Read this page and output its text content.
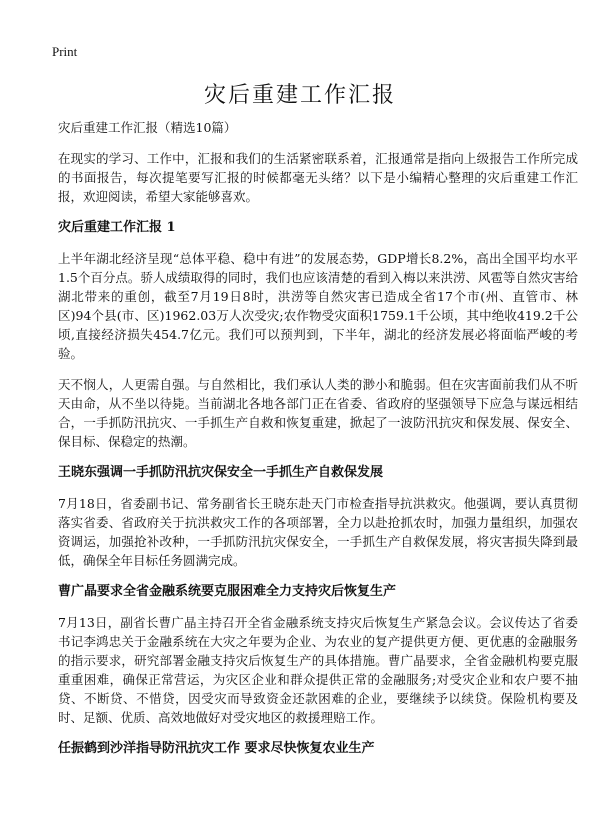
Print
灾后重建工作汇报

灾后重建工作汇报（精选10篇）

在现实的学习、工作中，汇报和我们的生活紧密联系着，汇报通常是指向上级报告工作所完成的书面报告，每次提笔要写汇报的时候都毫无头绪？以下是小编精心整理的灾后重建工作汇报，欢迎阅读，希望大家能够喜欢。

灾后重建工作汇报 1

上半年湖北经济呈现“总体平稳、稳中有进”的发展态势，GDP增长8.2%，高出全国平均水平1.5个百分点。骄人成绩取得的同时，我们也应该清楚的看到入梅以来洪涝、风雹等自然灾害给湖北带来的重创，截至7月19日8时，洪涝等自然灾害已造成全省17个市(州、直管市、林区)94个县(市、区)1962.03万人次受灾;农作物受灾面积1759.1千公顷，其中绝收419.2千公顷,直接经济损失454.7亿元。我们可以预判到，下半年，湖北的经济发展必将面临严峻的考验。

天不悯人，人更需自强。与自然相比，我们承认人类的渺小和脆弱。但在灾害面前我们从不听天由命，从不坐以待毙。当前湖北各地各部门正在省委、省政府的坚强领导下应急与谋远相结合，一手抓防汛抗灾、一手抓生产自救和恢复重建，掀起了一波防汛抗灾和保发展、保安全、保目标、保稳定的热潮。

王晓东强调一手抓防汛抗灾保安全一手抓生产自救保发展

7月18日，省委副书记、常务副省长王晓东赴天门市检查指导抗洪救灾。他强调，要认真贯彻落实省委、省政府关于抗洪救灾工作的各项部署，全力以赴抢抓农时，加强力量组织，加强农资调运，加强抢补改种，一手抓防汛抗灾保安全，一手抓生产自救保发展，将灾害损失降到最低，确保全年目标任务圆满完成。

曹广晶要求全省金融系统要克服困难全力支持灾后恢复生产

7月13日，副省长曹广晶主持召开全省金融系统支持灾后恢复生产紧急会议。会议传达了省委书记李鸿忠关于金融系统在大灾之年要为企业、为农业的复产提供更方便、更优惠的金融服务的指示要求，研究部署金融支持灾后恢复生产的具体措施。曹广晶要求，全省金融机构要克服重重困难，确保正常营运，为灾区企业和群众提供正常的金融服务;对受灾企业和农户要不抽贷、不断贷、不惜贷，因受灾而导致资金还款困难的企业，要继续予以续贷。保险机构要及时、足额、优质、高效地做好对受灾地区的救援理赔工作。

任振鹤到沙洋指导防汛抗灾工作 要求尽快恢复农业生产
